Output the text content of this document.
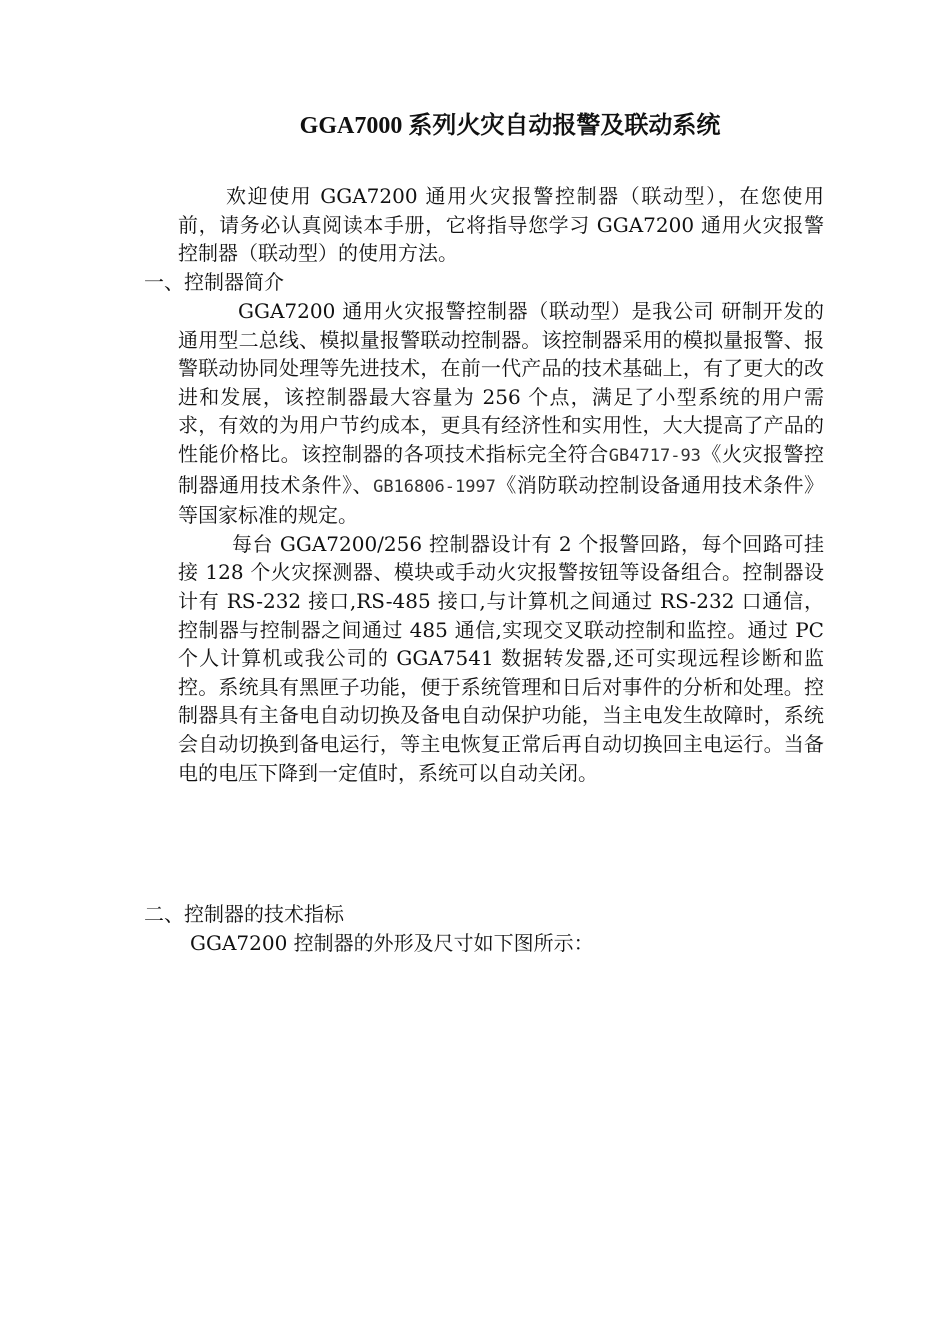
GGA7000 系列火灾自动报警及联动系统

欢迎使用 GGA7200 通用火灾报警控制器（联动型），在您使用前，请务必认真阅读本手册，它将指导您学习 GGA7200 通用火灾报警控制器（联动型）的使用方法。

一、控制器简介

GGA7200 通用火灾报警控制器（联动型）是我公司 研制开发的 通用型二总线、模拟量报警联动控制器。该控制器采用的模拟量报警、报警联动协同处理等先进技术，在前一代产品的技术基础上，有了更大的改进和发展，该控制器最大容量为 256 个点，满足了小型系统的用户需求，有效的为用户节约成本，更具有经济性和实用性，大大提高了产品的性能价格比。该控制器的各项技术指标完全符合GB4717-93《火灾报警控制器通用技术条件》、GB16806-1997《消防联动控制设备通用技术条件》等国家标准的规定。

每台 GGA7200/256 控制器设计有 2 个报警回路，每个回路可挂接 128 个火灾探测器、模块或手动火灾报警按钮等设备组合。控制器设计有 RS-232 接口,RS-485 接口,与计算机之间通过 RS-232 口通信，控制器与控制器之间通过 485 通信,实现交叉联动控制和监控。通过 PC 个人计算机或我公司的 GGA7541 数据转发器,还可实现远程诊断和监控。系统具有黑匣子功能，便于系统管理和日后对事件的分析和处理。控制器具有主备电自动切换及备电自动保护功能，当主电发生故障时，系统会自动切换到备电运行，等主电恢复正常后再自动切换回主电运行。当备电的电压下降到一定值时，系统可以自动关闭。

二、控制器的技术指标
GGA7200 控制器的外形及尺寸如下图所示：
